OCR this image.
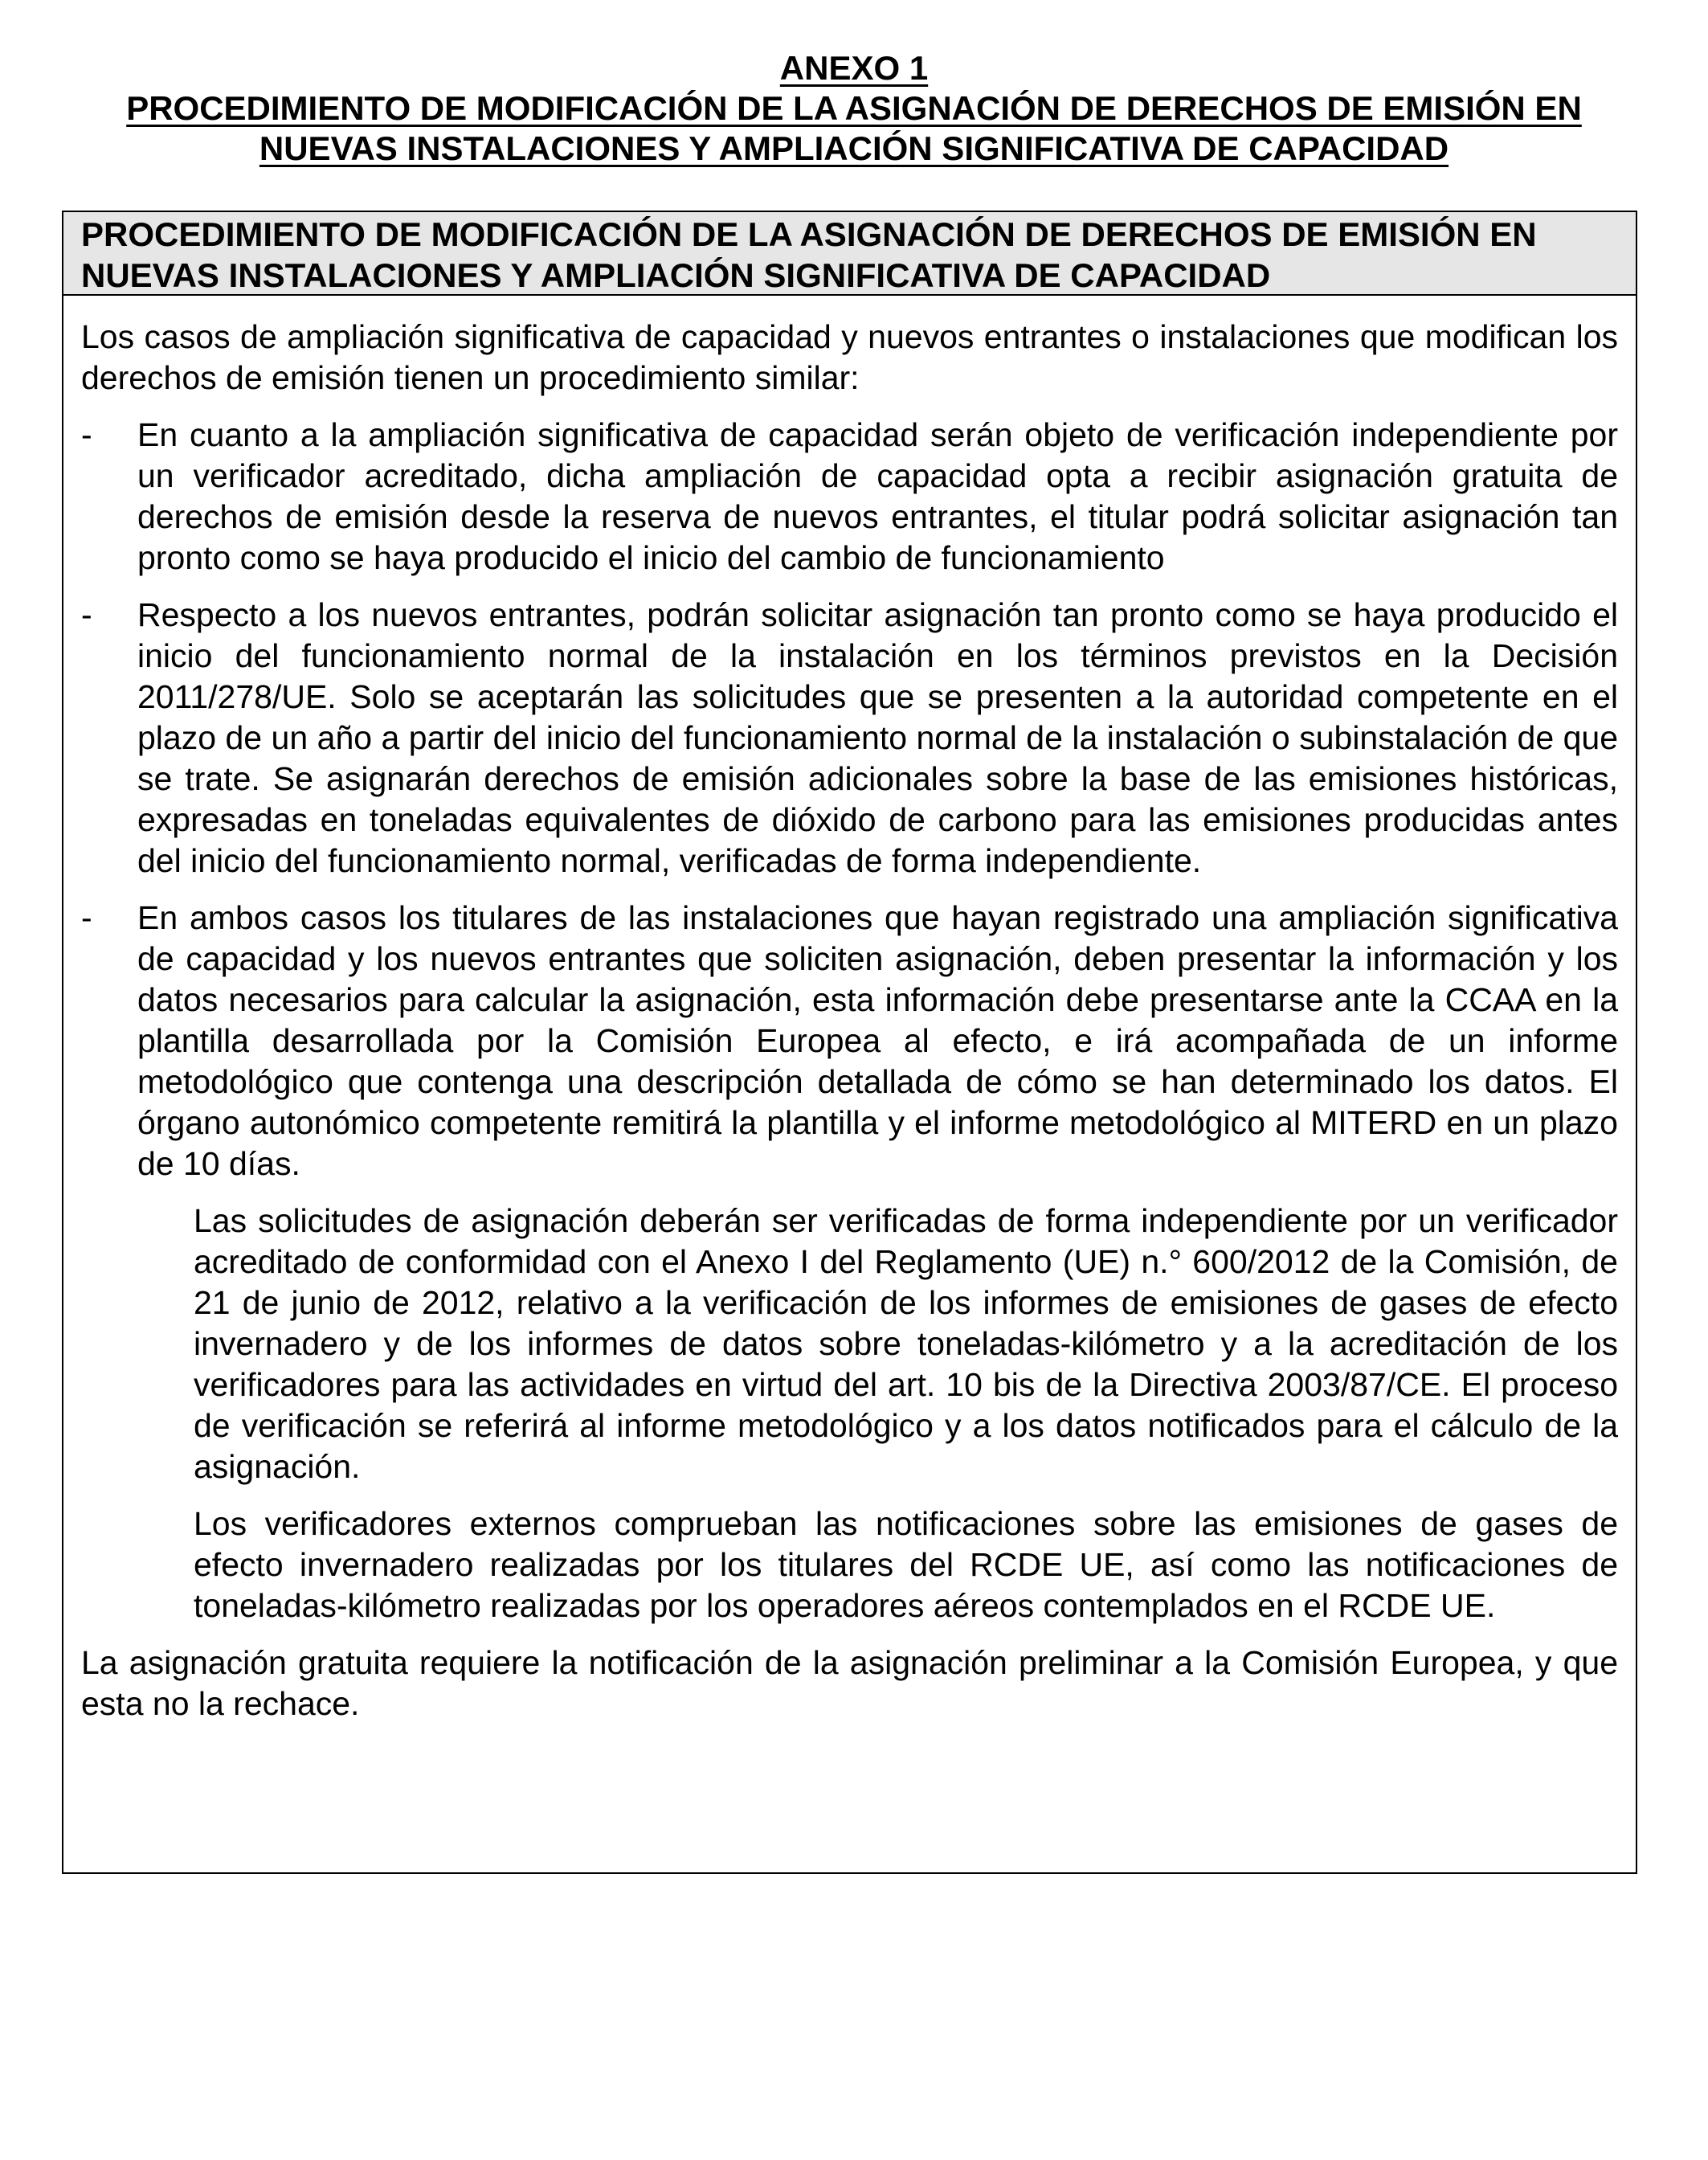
ANEXO 1
PROCEDIMIENTO DE MODIFICACIÓN DE LA ASIGNACIÓN DE DERECHOS DE EMISIÓN EN
NUEVAS INSTALACIONES Y AMPLIACIÓN SIGNIFICATIVA DE CAPACIDAD
PROCEDIMIENTO DE MODIFICACIÓN DE LA ASIGNACIÓN DE DERECHOS DE EMISIÓN EN NUEVAS INSTALACIONES Y AMPLIACIÓN SIGNIFICATIVA DE CAPACIDAD

Los casos de ampliación significativa de capacidad y nuevos entrantes o instalaciones que modifican los derechos de emisión tienen un procedimiento similar:

-	En cuanto a la ampliación significativa de capacidad serán objeto de verificación independiente por un verificador acreditado, dicha ampliación de capacidad opta a recibir asignación gratuita de derechos de emisión desde la reserva de nuevos entrantes, el titular podrá solicitar asignación tan pronto como se haya producido el inicio del cambio de funcionamiento
-	Respecto a los nuevos entrantes, podrán solicitar asignación tan pronto como se haya producido el inicio del funcionamiento normal de la instalación en los términos previstos en la Decisión 2011/278/UE. Solo se aceptarán las solicitudes que se presenten a la autoridad competente en el plazo de un año a partir del inicio del funcionamiento normal de la instalación o subinstalación de que se trate. Se asignarán derechos de emisión adicionales sobre la base de las emisiones históricas, expresadas en toneladas equivalentes de dióxido de carbono para las emisiones producidas antes del inicio del funcionamiento normal, verificadas de forma independiente.
-	En ambos casos los titulares de las instalaciones que hayan registrado una ampliación significativa de capacidad y los nuevos entrantes que soliciten asignación, deben presentar la información y los datos necesarios para calcular la asignación, esta información debe presentarse ante la CCAA en la plantilla desarrollada por la Comisión Europea al efecto, e irá acompañada de un informe metodológico que contenga una descripción detallada de cómo se han determinado los datos. El órgano autonómico competente remitirá la plantilla y el informe metodológico al MITERD en un plazo de 10 días.

Las solicitudes de asignación deberán ser verificadas de forma independiente por un verificador acreditado de conformidad con el Anexo I del Reglamento (UE) n.° 600/2012 de la Comisión, de 21 de junio de 2012, relativo a la verificación de los informes de emisiones de gases de efecto invernadero y de los informes de datos sobre toneladas-kilómetro y a la acreditación de los verificadores para las actividades en virtud del art. 10 bis de la Directiva 2003/87/CE. El proceso de verificación se referirá al informe metodológico y a los datos notificados para el cálculo de la asignación.

Los verificadores externos comprueban las notificaciones sobre las emisiones de gases de efecto invernadero realizadas por los titulares del RCDE UE, así como las notificaciones de toneladas-kilómetro realizadas por los operadores aéreos contemplados en el RCDE UE.

La asignación gratuita requiere la notificación de la asignación preliminar a la Comisión Europea, y que esta no la rechace.
